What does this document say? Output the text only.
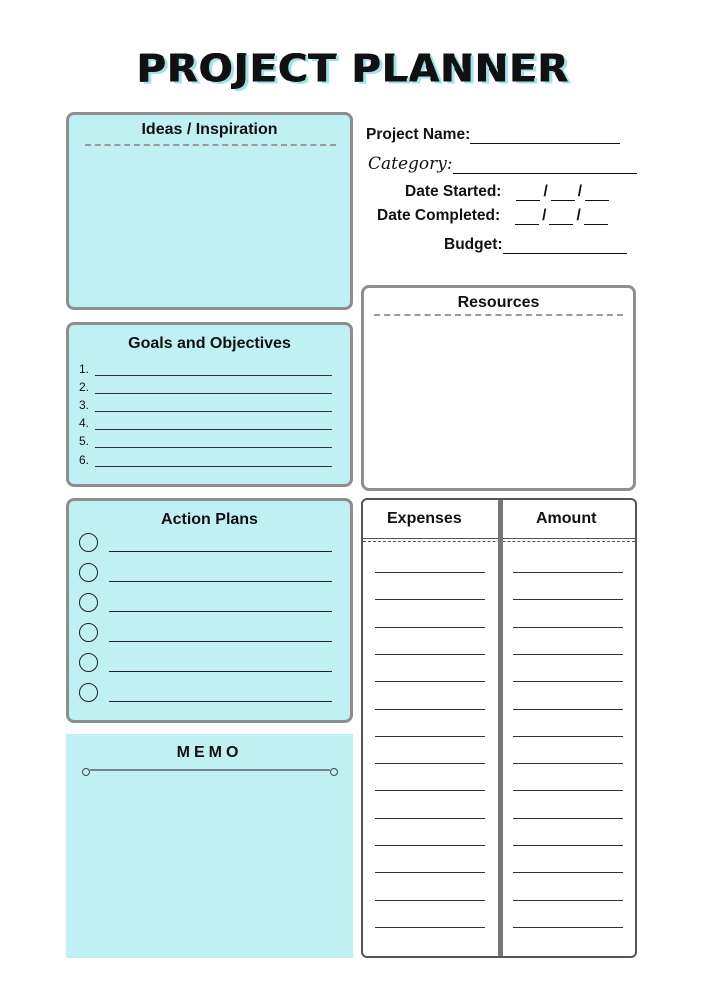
PROJECT PLANNER
Ideas / Inspiration	Project Name:
Category:
Date Started:	/ /
Date Completed:	/ /
Budget:
Resources
Goals and Objectives
1.
2.
3.
4.
5.
6.
Action Plans
MEMO
Expenses	Amount
